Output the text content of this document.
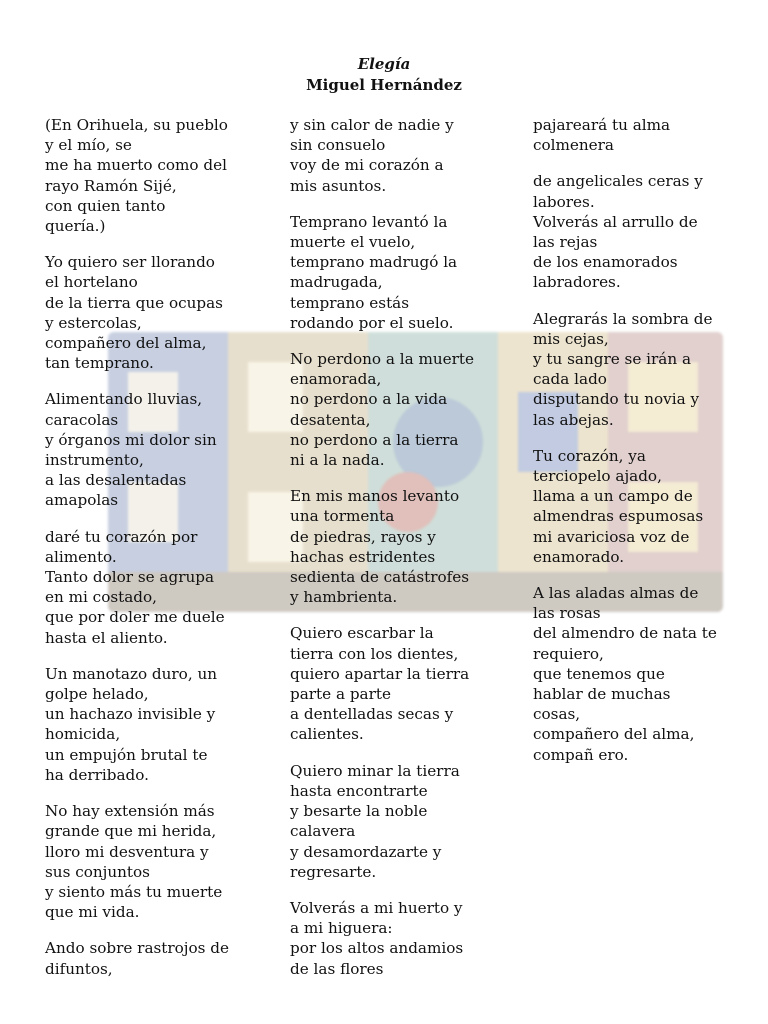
Elegía
Miguel Hernández

(En Orihuela, su pueblo
y el mío, se
me ha muerto como del
rayo Ramón Sijé,
con quien tanto
quería.)

Yo quiero ser llorando
el hortelano
de la tierra que ocupas
y estercolas,
compañero del alma,
tan temprano.

Alimentando lluvias,
caracolas
y órganos mi dolor sin
instrumento,
a las desalentadas
amapolas

daré tu corazón por
alimento.
Tanto dolor se agrupa
en mi costado,
que por doler me duele
hasta el aliento.

Un manotazo duro, un
golpe helado,
un hachazo invisible y
homicida,
un empujón brutal te
ha derribado.

No hay extensión más
grande que mi herida,
lloro mi desventura y
sus conjuntos
y siento más tu muerte
que mi vida.

Ando sobre rastrojos de
difuntos,

y sin calor de nadie y
sin consuelo
voy de mi corazón a
mis asuntos.

Temprano levantó la
muerte el vuelo,
temprano madrugó la
madrugada,
temprano estás
rodando por el suelo.

No perdono a la muerte
enamorada,
no perdono a la vida
desatenta,
no perdono a la tierra
ni a la nada.

En mis manos levanto
una tormenta
de piedras, rayos y
hachas estridentes
sedienta de catástrofes
y hambrienta.

Quiero escarbar la
tierra con los dientes,
quiero apartar la tierra
parte a parte
a dentelladas secas y
calientes.

Quiero minar la tierra
hasta encontrarte
y besarte la noble
calavera
y desamordazarte y
regresarte.

Volverás a mi huerto y
a mi higuera:
por los altos andamios
de las flores

pajareará tu alma
colmenera

de angelicales ceras y
labores.
Volverás al arrullo de
las rejas
de los enamorados
labradores.

Alegrarás la sombra de
mis cejas,
y tu sangre se irán a
cada lado
disputando tu novia y
las abejas.

Tu corazón, ya
terciopelo ajado,
llama a un campo de
almendras espumosas
mi avariciosa voz de
enamorado.

A las aladas almas de
las rosas
del almendro de nata te
requiero,
que tenemos que
hablar de muchas
cosas,
compañero del alma,
compañ ero.
